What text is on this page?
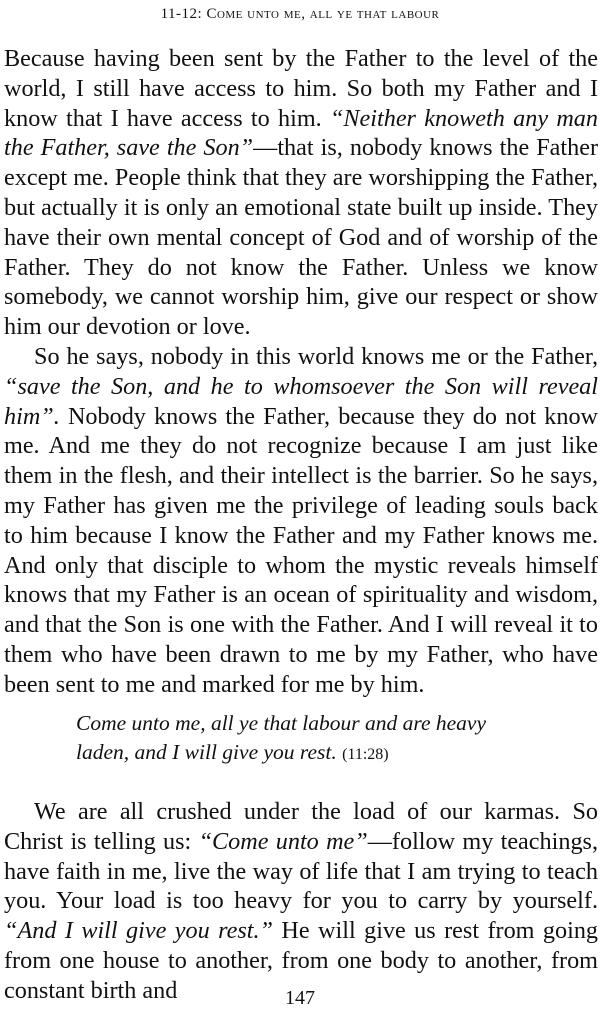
11-12: Come unto me, all ye that labour

Because having been sent by the Father to the level of the world, I still have access to him. So both my Father and I know that I have access to him. “Neither knoweth any man the Father, save the Son”—that is, nobody knows the Father except me. People think that they are worshipping the Father, but actually it is only an emotional state built up inside. They have their own mental concept of God and of worship of the Father. They do not know the Father. Unless we know somebody, we cannot worship him, give our respect or show him our devotion or love.

So he says, nobody in this world knows me or the Father, “save the Son, and he to whomsoever the Son will reveal him”. Nobody knows the Father, because they do not know me. And me they do not recognize because I am just like them in the flesh, and their intellect is the barrier. So he says, my Father has given me the privilege of leading souls back to him because I know the Father and my Father knows me. And only that disciple to whom the mystic reveals himself knows that my Father is an ocean of spirituality and wisdom, and that the Son is one with the Father. And I will reveal it to them who have been drawn to me by my Father, who have been sent to me and marked for me by him.

Come unto me, all ye that labour and are heavy

laden, and I will give you rest. (11:28)

We are all crushed under the load of our karmas. So Christ is telling us: “Come unto me”—follow my teachings, have faith in me, live the way of life that I am trying to teach you. Your load is too heavy for you to carry by yourself. “And I will give you rest.” He will give us rest from going from one house to another, from one body to another, from constant birth and	147
